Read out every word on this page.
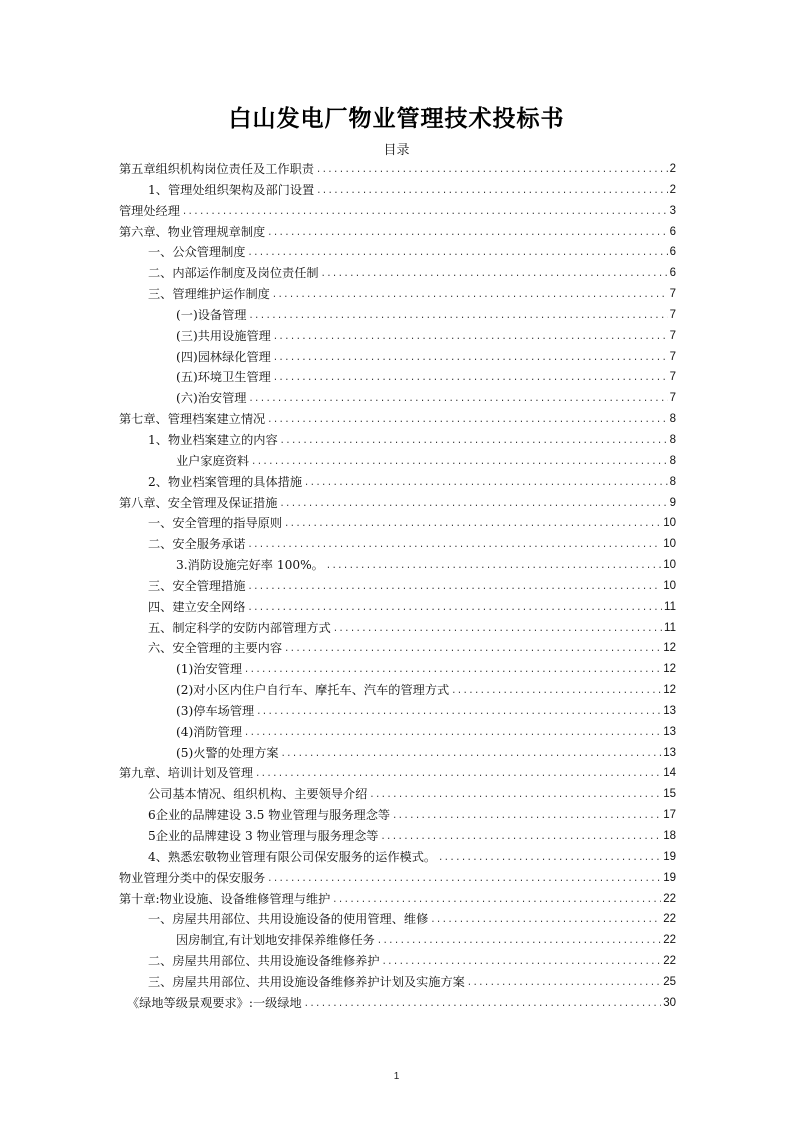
白山发电厂物业管理技术投标书
目录
第五章组织机构岗位责任及工作职责 .....	2
1、管理处组织架构及部门设置 .....	2
管理处经理 .....	3
第六章、物业管理规章制度 .....	6
一、公众管理制度 .....	6
二、内部运作制度及岗位责任制 .....	6
三、管理维护运作制度 .....	7
(一)设备管理 .....	7
(三)共用设施管理 .....	7
(四)园林绿化管理 .....	7
(五)环境卫生管理 .....	7
(六)治安管理 .....	7
第七章、管理档案建立情况 .....	8
1、物业档案建立的内容 .....	8
业户家庭资料 .....	8
2、物业档案管理的具体措施 .....	8
第八章、安全管理及保证措施 .....	9
一、安全管理的指导原则 .....	10
二、安全服务承诺 .....	10
3.消防设施完好率 100%。 .....	10
三、安全管理措施 .....	10
四、建立安全网络 .....	11
五、制定科学的安防内部管理方式 .....	11
六、安全管理的主要内容 .....	12
(1)治安管理 .....	12
(2)对小区内住户自行车、摩托车、汽车的管理方式 .....	12
(3)停车场管理 .....	13
(4)消防管理 .....	13
(5)火警的处理方案 .....	13
第九章、培训计划及管理 .....	14
公司基本情况、组织机构、主要领导介绍 .....	15
6企业的品牌建设 3.5 物业管理与服务理念等 .....	17
5企业的品牌建设 3 物业管理与服务理念等 .....	18
4、熟悉宏敬物业管理有限公司保安服务的运作模式。 .....	19
物业管理分类中的保安服务 .....	19
第十章:物业设施、设备维修管理与维护 .....	22
一、房屋共用部位、共用设施设备的使用管理、维修 .....	22
因房制宜,有计划地安排保养维修任务 .....	22
二、房屋共用部位、共用设施设备维修养护 .....	22
三、房屋共用部位、共用设施设备维修养护计划及实施方案 .....	25
《绿地等级景观要求》:一级绿地 .....	30
1
